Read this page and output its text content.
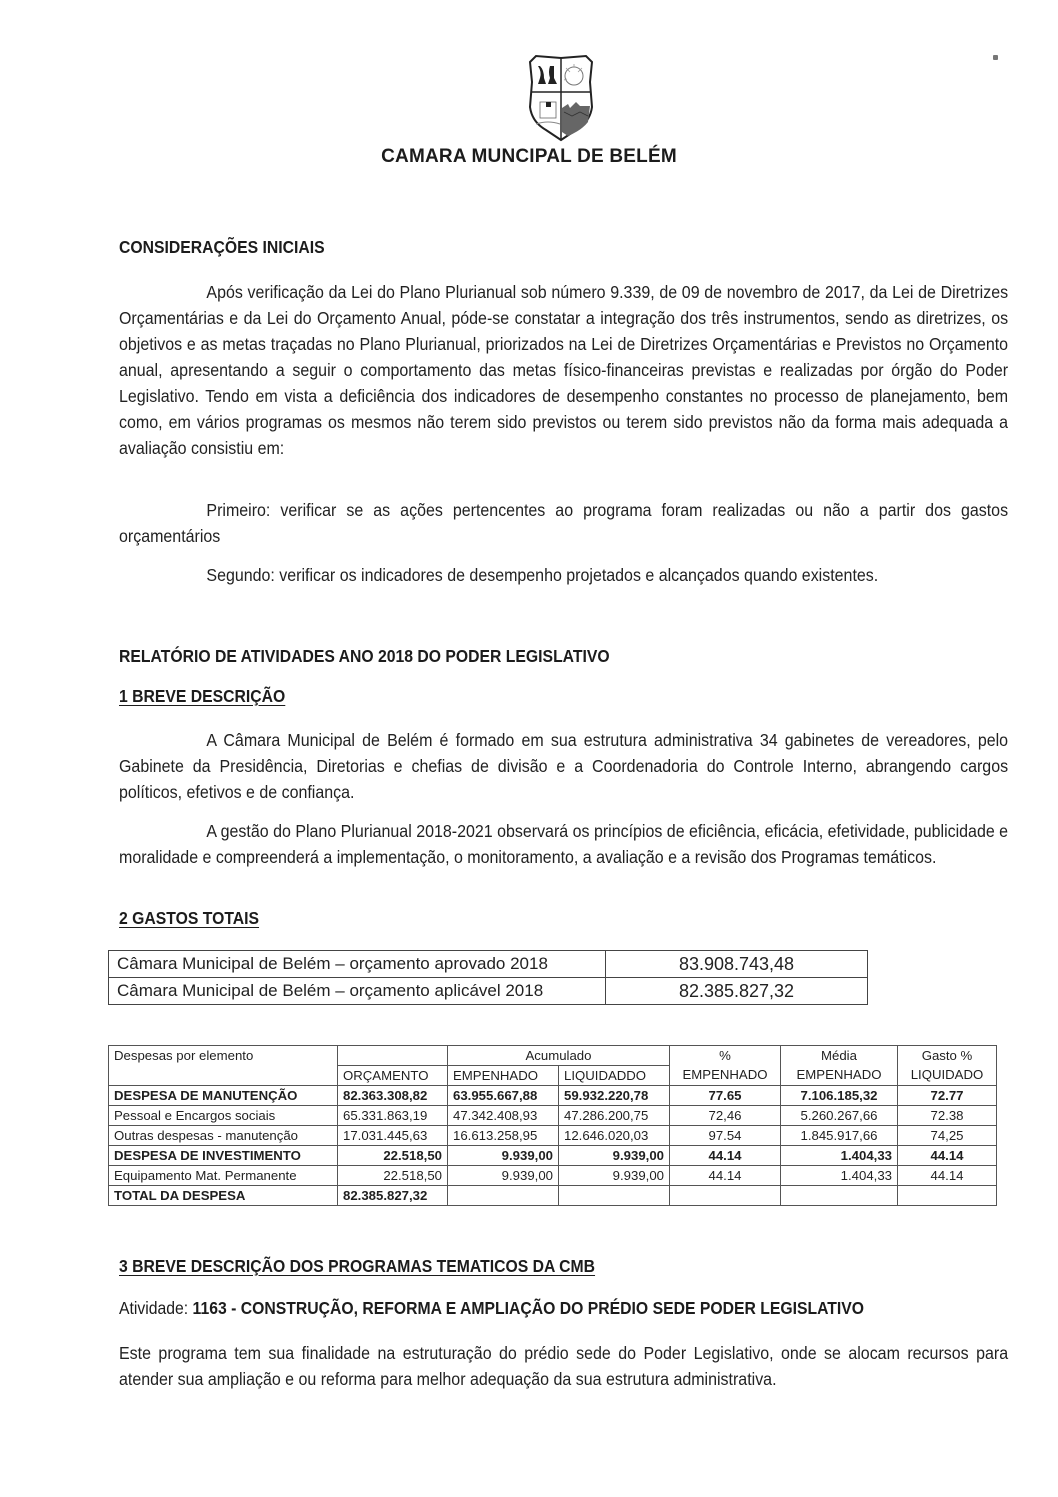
CAMARA MUNCIPAL DE BELÉM
CONSIDERAÇÕES INICIAIS
Após verificação da Lei do Plano Plurianual sob número 9.339, de 09 de novembro de 2017, da Lei de Diretrizes Orçamentárias e da Lei do Orçamento Anual, póde-se constatar a integração dos três instrumentos, sendo as diretrizes, os objetivos e as metas traçadas no Plano Plurianual, priorizados na Lei de Diretrizes Orçamentárias e Previstos no Orçamento anual, apresentando a seguir o comportamento das metas físico-financeiras previstas e realizadas por órgão do Poder Legislativo. Tendo em vista a deficiência dos indicadores de desempenho constantes no processo de planejamento, bem como, em vários programas os mesmos não terem sido previstos ou terem sido previstos não da forma mais adequada a avaliação consistiu em:
Primeiro: verificar se as ações pertencentes ao programa foram realizadas ou não a partir dos gastos orçamentários
Segundo: verificar os indicadores de desempenho projetados e alcançados quando existentes.
RELATÓRIO DE ATIVIDADES ANO 2018 DO PODER LEGISLATIVO
1 BREVE DESCRIÇÃO
A Câmara Municipal de Belém é formado em sua estrutura administrativa 34 gabinetes de vereadores, pelo Gabinete da Presidência, Diretorias e chefias de divisão e a Coordenadoria do Controle Interno, abrangendo cargos políticos, efetivos e de confiança.
A gestão do Plano Plurianual 2018-2021 observará os princípios de eficiência, eficácia, efetividade, publicidade e moralidade e compreenderá a implementação, o monitoramento, a avaliação e a revisão dos Programas temáticos.
2 GASTOS TOTAIS
Câmara Municipal de Belém – orçamento aprovado 2018	83.908.743,48
Câmara Municipal de Belém – orçamento aplicável 2018	82.385.827,32
Despesas por elemento		Acumulado		%	Média	Gasto %
	ORÇAMENTO	EMPENHADO	LIQUIDADDO	EMPENHADO	EMPENHADO	LIQUIDADO
DESPESA DE MANUTENÇÃO	82.363.308,82	63.955.667,88	59.932.220,78	77.65	7.106.185,32	72.77
Pessoal e Encargos sociais	65.331.863,19	47.342.408,93	47.286.200,75	72,46	5.260.267,66	72.38
Outras despesas - manutenção	17.031.445,63	16.613.258,95	12.646.020,03	97.54	1.845.917,66	74,25
DESPESA DE INVESTIMENTO	22.518,50	9.939,00	9.939,00	44.14	1.404,33	44.14
Equipamento Mat. Permanente	22.518,50	9.939,00	9.939,00	44.14	1.404,33	44.14
TOTAL DA DESPESA	82.385.827,32					
3 BREVE DESCRIÇÃO DOS PROGRAMAS TEMATICOS DA CMB
Atividade: 1163 - CONSTRUÇÃO, REFORMA E AMPLIAÇÃO DO PRÉDIO SEDE PODER LEGISLATIVO
Este programa tem sua finalidade na estruturação do prédio sede do Poder Legislativo, onde se alocam recursos para atender sua ampliação e ou reforma para melhor adequação da sua estrutura administrativa.
